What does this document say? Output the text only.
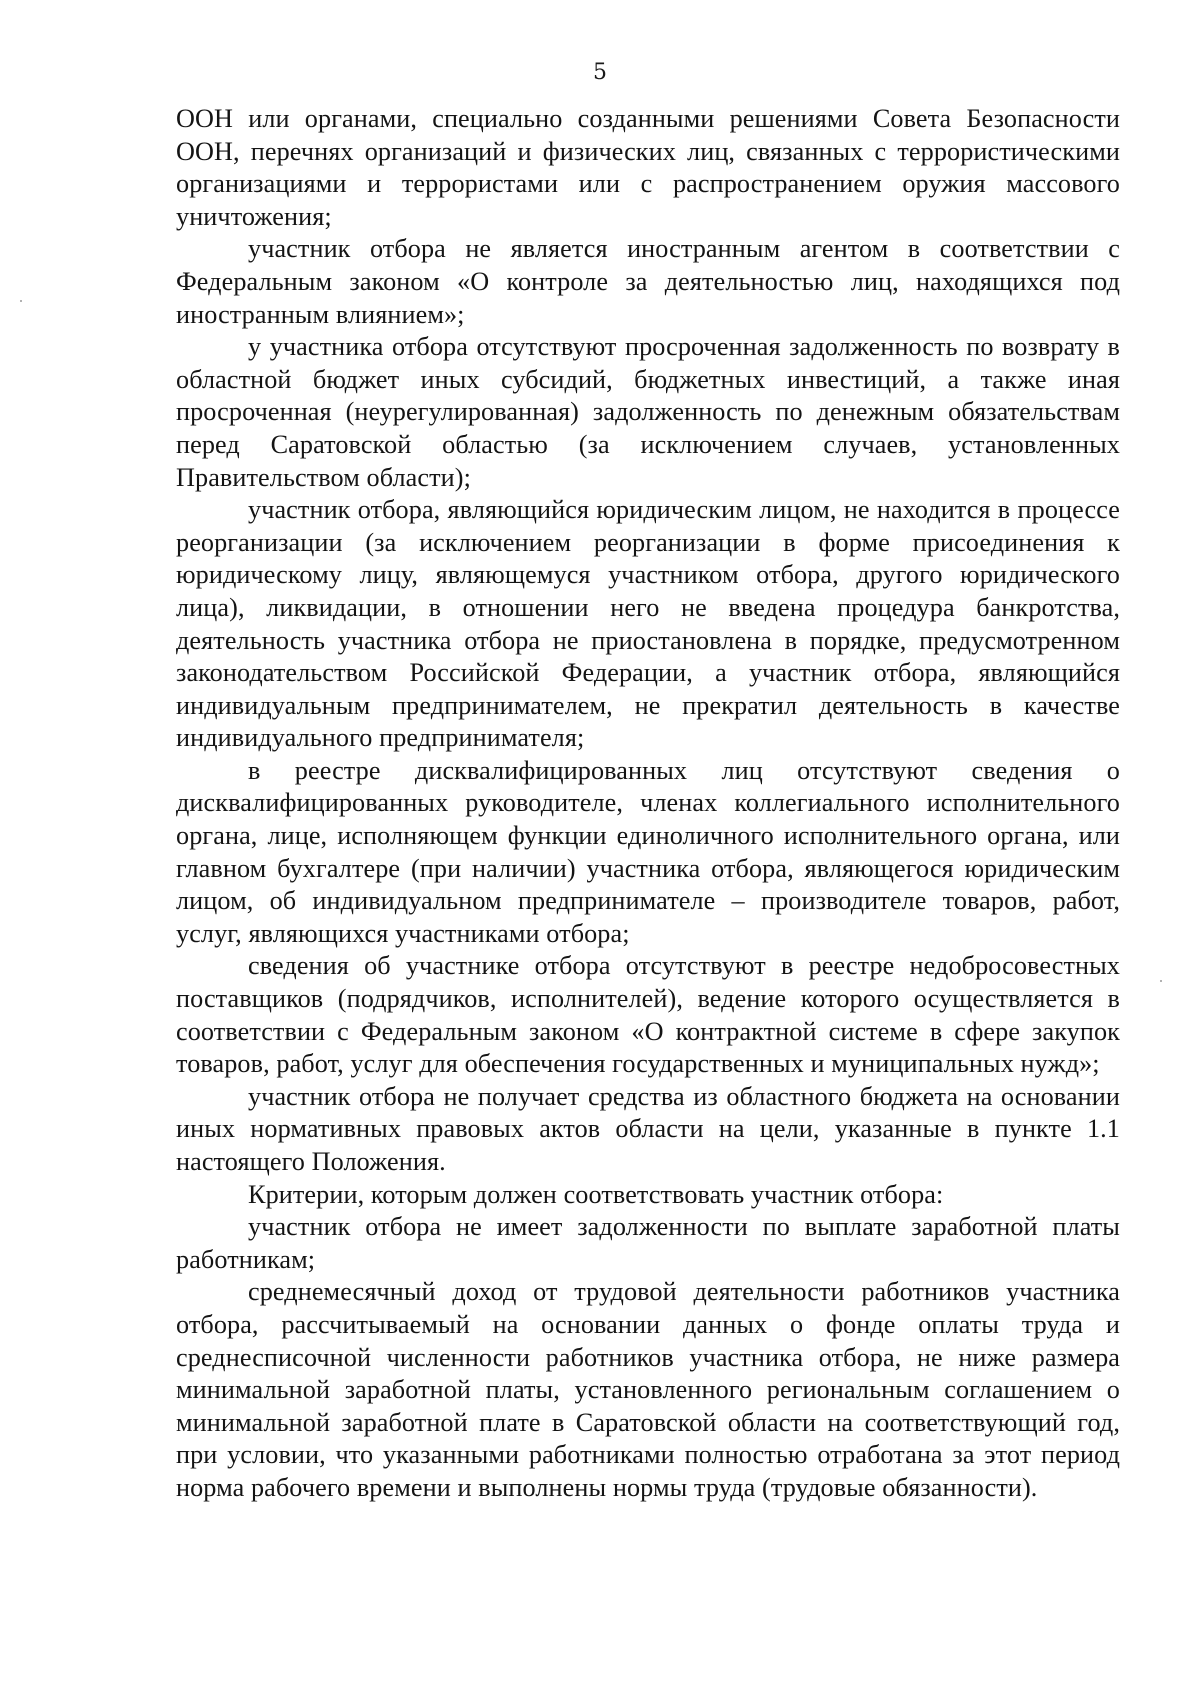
5

ООН или органами, специально созданными решениями Совета Безопасности ООН, перечнях организаций и физических лиц, связанных с террористическими организациями и террористами или с распространением оружия массового уничтожения;

участник отбора не является иностранным агентом в соответствии с Федеральным законом «О контроле за деятельностью лиц, находящихся под иностранным влиянием»;

у участника отбора отсутствуют просроченная задолженность по возврату в областной бюджет иных субсидий, бюджетных инвестиций, а также иная просроченная (неурегулированная) задолженность по денежным обязательствам перед Саратовской областью (за исключением случаев, установленных Правительством области);

участник отбора, являющийся юридическим лицом, не находится в процессе реорганизации (за исключением реорганизации в форме присоединения к юридическому лицу, являющемуся участником отбора, другого юридического лица), ликвидации, в отношении него не введена процедура банкротства, деятельность участника отбора не приостановлена в порядке, предусмотренном законодательством Российской Федерации, а участник отбора, являющийся индивидуальным предпринимателем, не прекратил деятельность в качестве индивидуального предпринимателя;

в реестре дисквалифицированных лиц отсутствуют сведения о дисквалифицированных руководителе, членах коллегиального исполнительного органа, лице, исполняющем функции единоличного исполнительного органа, или главном бухгалтере (при наличии) участника отбора, являющегося юридическим лицом, об индивидуальном предпринимателе – производителе товаров, работ, услуг, являющихся участниками отбора;

сведения об участнике отбора отсутствуют в реестре недобросовестных поставщиков (подрядчиков, исполнителей), ведение которого осуществляется в соответствии с Федеральным законом «О контрактной системе в сфере закупок товаров, работ, услуг для обеспечения государственных и муниципальных нужд»;

участник отбора не получает средства из областного бюджета на основании иных нормативных правовых актов области на цели, указанные в пункте 1.1 настоящего Положения.

Критерии, которым должен соответствовать участник отбора:

участник отбора не имеет задолженности по выплате заработной платы работникам;

среднемесячный доход от трудовой деятельности работников участника отбора, рассчитываемый на основании данных о фонде оплаты труда и среднесписочной численности работников участника отбора, не ниже размера минимальной заработной платы, установленного региональным соглашением о минимальной заработной плате в Саратовской области на соответствующий год, при условии, что указанными работниками полностью отработана за этот период норма рабочего времени и выполнены нормы труда (трудовые обязанности).
